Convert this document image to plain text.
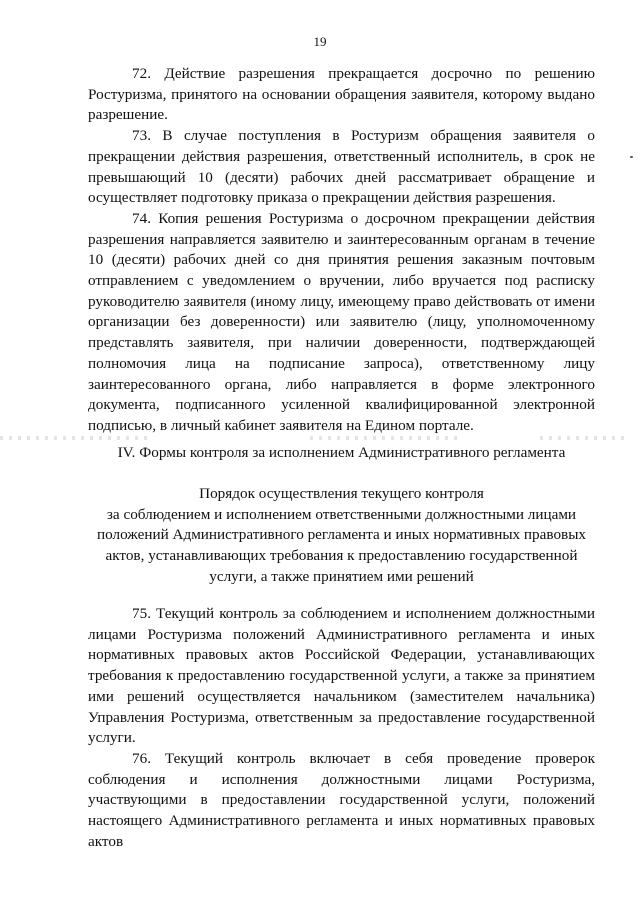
19

72. Действие разрешения прекращается досрочно по решению Ростуризма, принятого на основании обращения заявителя, которому выдано разрешение.

73. В случае поступления в Ростуризм обращения заявителя о прекращении действия разрешения, ответственный исполнитель, в срок не превышающий 10 (десяти) рабочих дней рассматривает обращение и осуществляет подготовку приказа о прекращении действия разрешения.

74. Копия решения Ростуризма о досрочном прекращении действия разрешения направляется заявителю и заинтересованным органам в течение 10 (десяти) рабочих дней со дня принятия решения заказным почтовым отправлением с уведомлением о вручении, либо вручается под расписку руководителю заявителя (иному лицу, имеющему право действовать от имени организации без доверенности) или заявителю (лицу, уполномоченному представлять заявителя, при наличии доверенности, подтверждающей полномочия лица на подписание запроса), ответственному лицу заинтересованного органа, либо направляется в форме электронного документа, подписанного усиленной квалифицированной электронной подписью, в личный кабинет заявителя на Едином портале.

IV. Формы контроля за исполнением Административного регламента
Порядок осуществления текущего контроля
за соблюдением и исполнением ответственными должностными лицами
положений Административного регламента и иных нормативных правовых
актов, устанавливающих требования к предоставлению государственной
услуги, а также принятием ими решений

75. Текущий контроль за соблюдением и исполнением должностными лицами Ростуризма положений Административного регламента и иных нормативных правовых актов Российской Федерации, устанавливающих требования к предоставлению государственной услуги, а также за принятием ими решений осуществляется начальником (заместителем начальника) Управления Ростуризма, ответственным за предоставление государственной услуги.

76. Текущий контроль включает в себя проведение проверок соблюдения и исполнения должностными лицами Ростуризма, участвующими в предоставлении государственной услуги, положений настоящего Административного регламента и иных нормативных правовых актов
